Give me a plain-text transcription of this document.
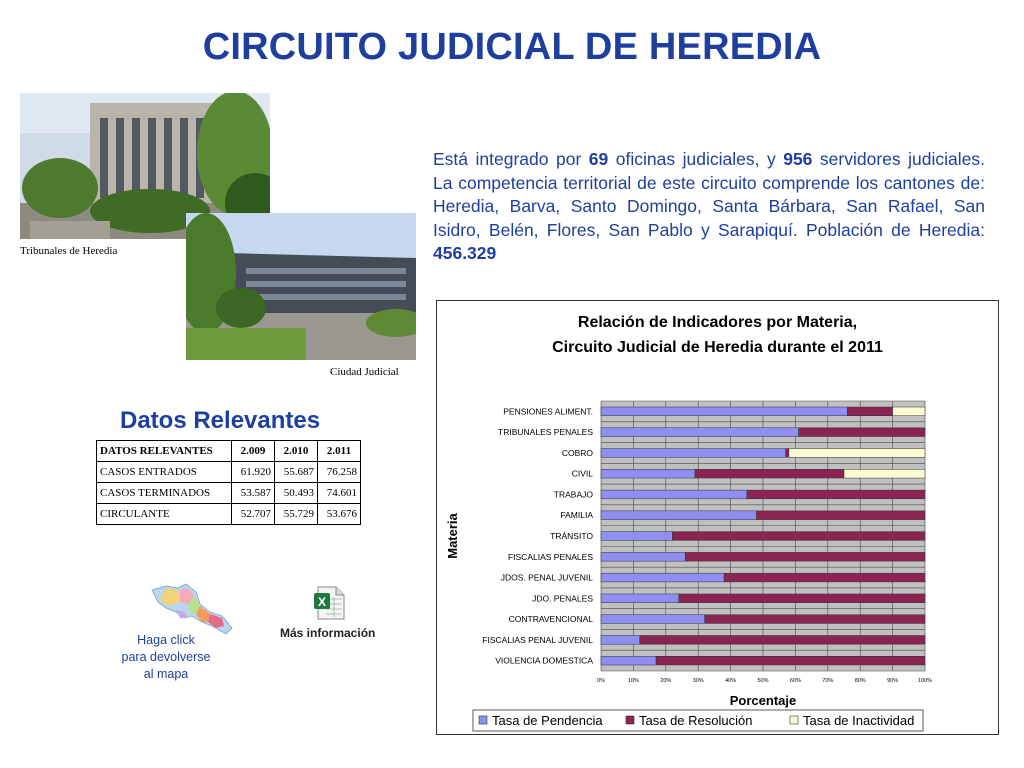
CIRCUITO JUDICIAL DE HEREDIA
Tribunales de Heredia
Ciudad Judicial
Está integrado por 69 oficinas judiciales, y 956 servidores judiciales. La competencia territorial de este circuito comprende los cantones de: Heredia, Barva, Santo Domingo, Santa Bárbara, San Rafael, San Isidro, Belén, Flores, San Pablo y Sarapiquí. Población de Heredia: 456.329
Datos Relevantes
DATOS RELEVANTES	2.009	2.010	2.011
CASOS ENTRADOS	61.920	55.687	76.258
CASOS TERMINADOS	53.587	50.493	74.601
CIRCULANTE	52.707	55.729	53.676
Haga click
para devolverse
al mapa
X
Más información
Relación de Indicadores por Materia,
Circuito Judicial de Heredia durante el 2011
0%	10%	20%	30%	40%	50%	60%	70%	80%	90%	100%
PENSIONES ALIMENT.
TRIBUNALES PENALES
COBRO
CIVIL
TRABAJO
FAMILIA
TRÁNSITO
FISCALIAS PENALES
JDOS. PENAL JUVENIL
JDO. PENALES
CONTRAVENCIONAL
FISCALIAS PENAL JUVENIL
VIOLENCIA DOMESTICA
Porcentaje
Materia
Tasa de Pendencia	Tasa de Resolución	Tasa de Inactividad
